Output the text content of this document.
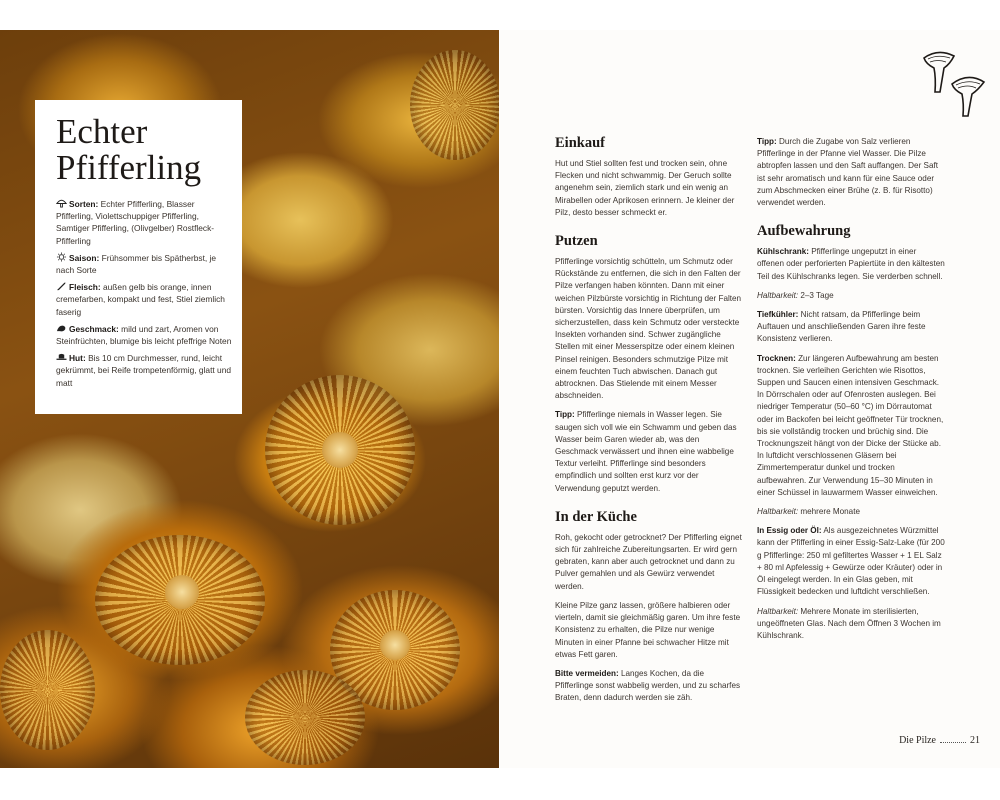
Echter
Pfifferling
Sorten: Echter Pfifferling, Blasser Pfifferling, Violettschuppiger Pfifferling, Samtiger Pfifferling, (Olivgelber) Rostfleck-Pfifferling
Saison: Frühsommer bis Spätherbst, je nach Sorte
Fleisch: außen gelb bis orange, innen cremefarben, kompakt und fest, Stiel ziemlich faserig
Geschmack: mild und zart, Aromen von Steinfrüchten, blumige bis leicht pfeffrige Noten
Hut: Bis 10 cm Durchmesser, rund, leicht gekrümmt, bei Reife trompetenförmig, glatt und matt
Einkauf

Hut und Stiel sollten fest und trocken sein, ohne Flecken und nicht schwammig. Der Geruch sollte angenehm sein, ziemlich stark und ein wenig an Mirabellen oder Aprikosen erinnern. Je kleiner der Pilz, desto besser schmeckt er.

Putzen

Pfifferlinge vorsichtig schütteln, um Schmutz oder Rückstände zu entfernen, die sich in den Falten der Pilze verfangen haben könnten. Dann mit einer weichen Pilzbürste vorsichtig in Richtung der Falten bürsten. Vorsichtig das Innere überprüfen, um sicherzustellen, dass kein Schmutz oder versteckte Insekten vorhanden sind. Schwer zugängliche Stellen mit einer Messerspitze oder einem kleinen Pinsel reinigen. Besonders schmutzige Pilze mit einem feuchten Tuch abwischen. Danach gut abtrocknen. Das Stielende mit einem Messer abschneiden.

Tipp: Pfifferlinge niemals in Wasser legen. Sie saugen sich voll wie ein Schwamm und geben das Wasser beim Garen wieder ab, was den Geschmack verwässert und ihnen eine wabbelige Textur verleiht. Pfifferlinge sind besonders empfindlich und sollten erst kurz vor der Verwendung geputzt werden.

In der Küche

Roh, gekocht oder getrocknet? Der Pfifferling eignet sich für zahlreiche Zubereitungsarten. Er wird gern gebraten, kann aber auch getrocknet und dann zu Pulver gemahlen und als Gewürz verwendet werden.

Kleine Pilze ganz lassen, größere halbieren oder vierteln, damit sie gleichmäßig garen. Um ihre feste Konsistenz zu erhalten, die Pilze nur wenige Minuten in einer Pfanne bei schwacher Hitze mit etwas Fett garen.

Bitte vermeiden: Langes Kochen, da die Pfifferlinge sonst wabbelig werden, und zu scharfes Braten, denn dadurch werden sie zäh.

Tipp: Durch die Zugabe von Salz verlieren Pfifferlinge in der Pfanne viel Wasser. Die Pilze abtropfen lassen und den Saft auffangen. Der Saft ist sehr aromatisch und kann für eine Sauce oder zum Abschmecken einer Brühe (z. B. für Risotto) verwendet werden.

Aufbewahrung

Kühlschrank: Pfifferlinge ungeputzt in einer offenen oder perforierten Papiertüte in den kältesten Teil des Kühlschranks legen. Sie verderben schnell.

Haltbarkeit: 2–3 Tage

Tiefkühler: Nicht ratsam, da Pfifferlinge beim Auftauen und anschließenden Garen ihre feste Konsistenz verlieren.

Trocknen: Zur längeren Aufbewahrung am besten trocknen. Sie verleihen Gerichten wie Risottos, Suppen und Saucen einen intensiven Geschmack. In Dörrschalen oder auf Ofenrosten auslegen. Bei niedriger Temperatur (50–60 °C) im Dörrautomat oder im Backofen bei leicht geöffneter Tür trocknen, bis sie vollständig trocken und brüchig sind. Die Trocknungszeit hängt von der Dicke der Stücke ab. In luftdicht verschlossenen Gläsern bei Zimmertemperatur dunkel und trocken aufbewahren. Zur Verwendung 15–30 Minuten in einer Schüssel in lauwarmem Wasser einweichen.

Haltbarkeit: mehrere Monate

In Essig oder Öl: Als ausgezeichnetes Würzmittel kann der Pfifferling in einer Essig-Salz-Lake (für 200 g Pfifferlinge: 250 ml gefiltertes Wasser + 1 EL Salz + 80 ml Apfelessig + Gewürze oder Kräuter) oder in Öl eingelegt werden. In ein Glas geben, mit Flüssigkeit bedecken und luftdicht verschließen.

Haltbarkeit: Mehrere Monate im sterilisierten, ungeöffneten Glas. Nach dem Öffnen 3 Wochen im Kühlschrank.

Die Pilze	21
